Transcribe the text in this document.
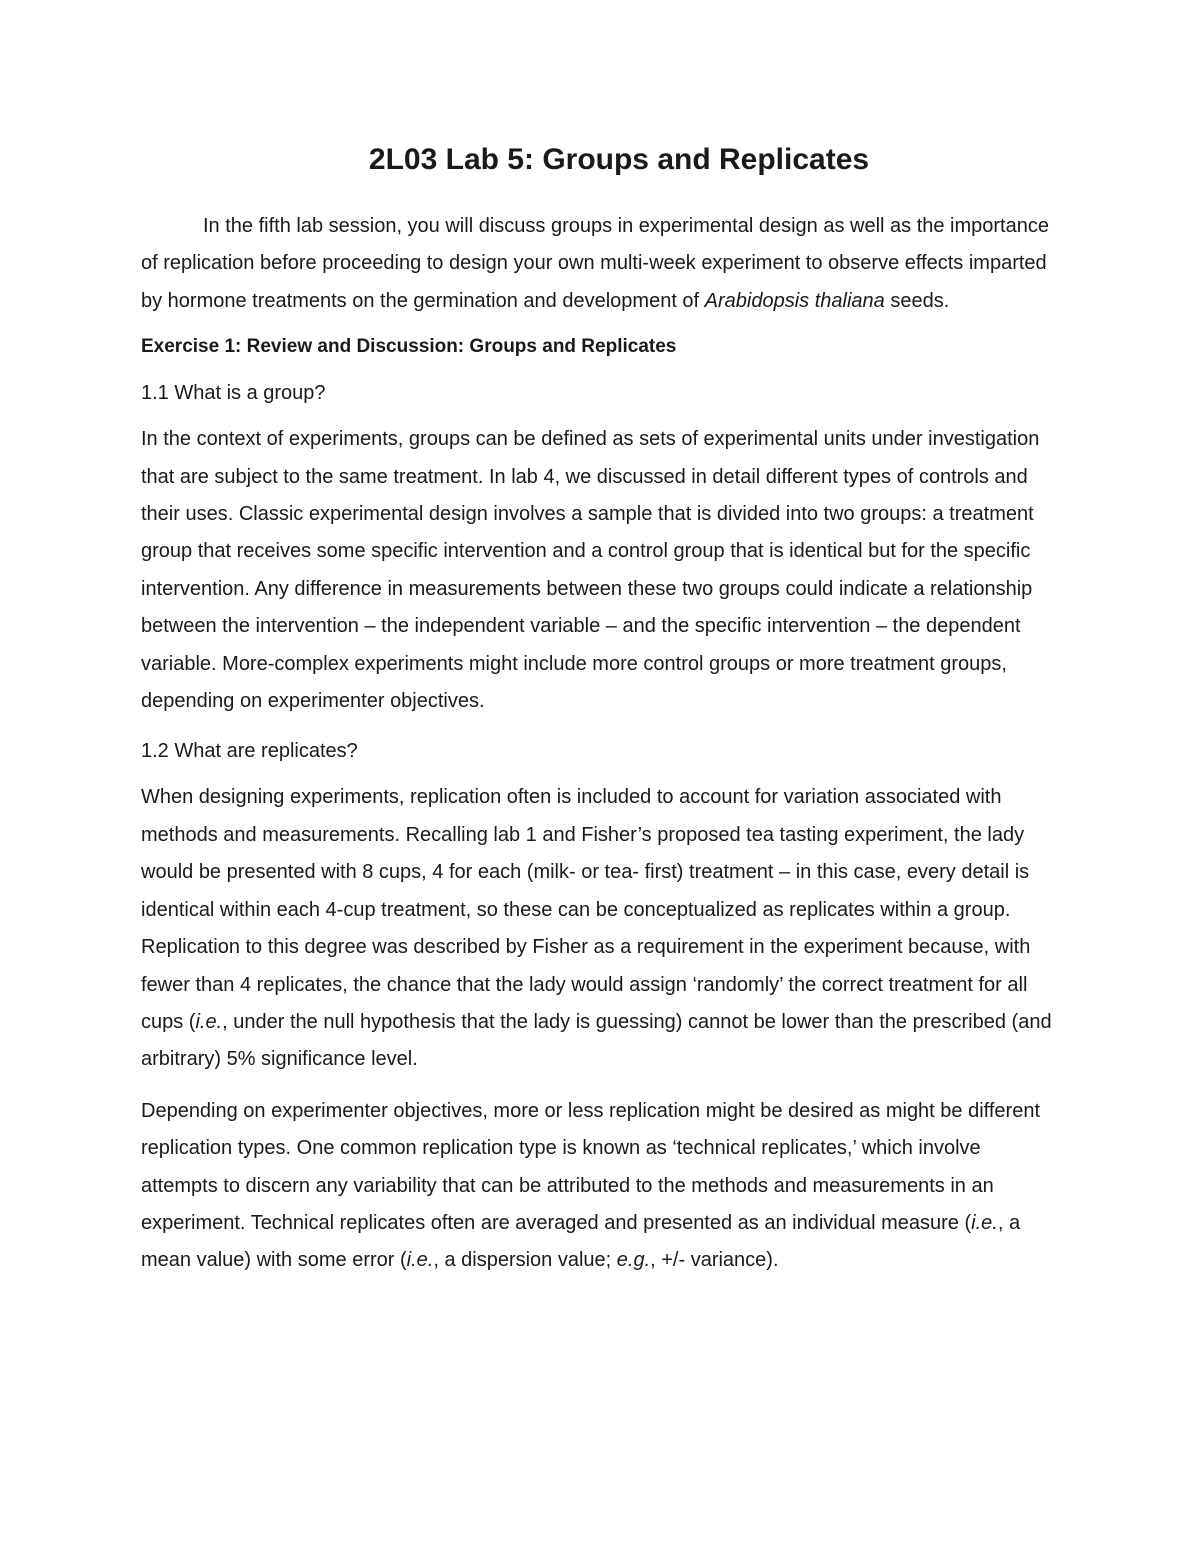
2L03 Lab 5: Groups and Replicates

In the fifth lab session, you will discuss groups in experimental design as well as the importance of replication before proceeding to design your own multi-week experiment to observe effects imparted by hormone treatments on the germination and development of Arabidopsis thaliana seeds.

Exercise 1: Review and Discussion: Groups and Replicates

1.1 What is a group?

In the context of experiments, groups can be defined as sets of experimental units under investigation that are subject to the same treatment. In lab 4, we discussed in detail different types of controls and their uses. Classic experimental design involves a sample that is divided into two groups: a treatment group that receives some specific intervention and a control group that is identical but for the specific intervention. Any difference in measurements between these two groups could indicate a relationship between the intervention – the independent variable – and the specific intervention – the dependent variable. More-complex experiments might include more control groups or more treatment groups, depending on experimenter objectives.

1.2 What are replicates?

When designing experiments, replication often is included to account for variation associated with methods and measurements. Recalling lab 1 and Fisher’s proposed tea tasting experiment, the lady would be presented with 8 cups, 4 for each (milk- or tea- first) treatment – in this case, every detail is identical within each 4-cup treatment, so these can be conceptualized as replicates within a group. Replication to this degree was described by Fisher as a requirement in the experiment because, with fewer than 4 replicates, the chance that the lady would assign ‘randomly’ the correct treatment for all cups (i.e., under the null hypothesis that the lady is guessing) cannot be lower than the prescribed (and arbitrary) 5% significance level.

Depending on experimenter objectives, more or less replication might be desired as might be different replication types. One common replication type is known as ‘technical replicates,’ which involve attempts to discern any variability that can be attributed to the methods and measurements in an experiment. Technical replicates often are averaged and presented as an individual measure (i.e., a mean value) with some error (i.e., a dispersion value; e.g., +/- variance).
